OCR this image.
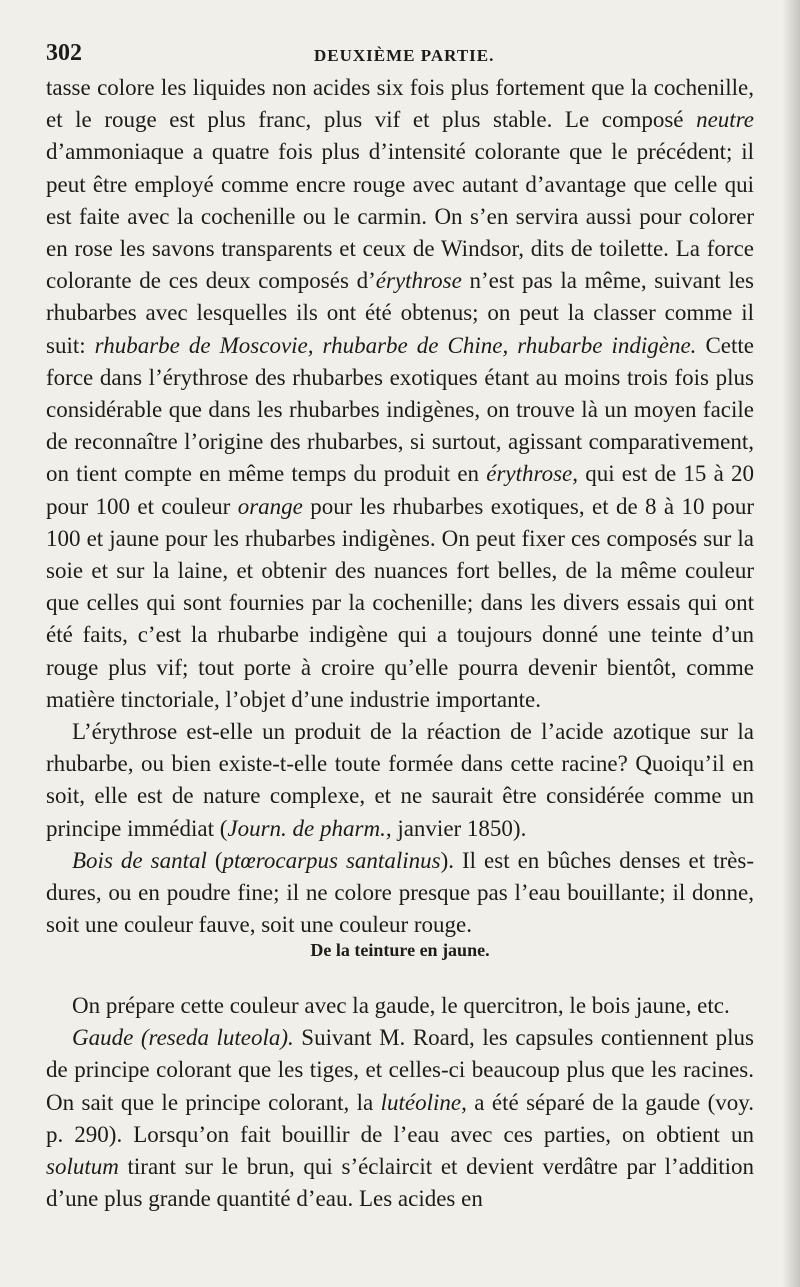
302	DEUXIÈME PARTIE.

tasse colore les liquides non acides six fois plus fortement que la cochenille, et le rouge est plus franc, plus vif et plus stable. Le composé neutre d’ammoniaque a quatre fois plus d’intensité colorante que le précédent; il peut être employé comme encre rouge avec autant d’avantage que celle qui est faite avec la cochenille ou le carmin. On s’en servira aussi pour colorer en rose les savons transparents et ceux de Windsor, dits de toilette. La force colorante de ces deux composés d’érythrose n’est pas la même, suivant les rhubarbes avec lesquelles ils ont été obtenus; on peut la classer comme il suit: rhubarbe de Moscovie, rhubarbe de Chine, rhubarbe indigène. Cette force dans l’érythrose des rhubarbes exotiques étant au moins trois fois plus considérable que dans les rhubarbes indigènes, on trouve là un moyen facile de reconnaître l’origine des rhubarbes, si surtout, agissant comparativement, on tient compte en même temps du produit en érythrose, qui est de 15 à 20 pour 100 et couleur orange pour les rhubarbes exotiques, et de 8 à 10 pour 100 et jaune pour les rhubarbes indigènes. On peut fixer ces composés sur la soie et sur la laine, et obtenir des nuances fort belles, de la même couleur que celles qui sont fournies par la cochenille; dans les divers essais qui ont été faits, c’est la rhubarbe indigène qui a toujours donné une teinte d’un rouge plus vif; tout porte à croire qu’elle pourra devenir bientôt, comme matière tinctoriale, l’objet d’une industrie importante.

L’érythrose est-elle un produit de la réaction de l’acide azotique sur la rhubarbe, ou bien existe-t-elle toute formée dans cette racine? Quoiqu’il en soit, elle est de nature complexe, et ne saurait être considérée comme un principe immédiat (Journ. de pharm., janvier 1850).

Bois de santal (ptœrocarpus santalinus). Il est en bûches denses et très-dures, ou en poudre fine; il ne colore presque pas l’eau bouillante; il donne, soit une couleur fauve, soit une couleur rouge.

De la teinture en jaune.

On prépare cette couleur avec la gaude, le quercitron, le bois jaune, etc.

Gaude (reseda luteola). Suivant M. Roard, les capsules contiennent plus de principe colorant que les tiges, et celles-ci beaucoup plus que les racines. On sait que le principe colorant, la lutéoline, a été séparé de la gaude (voy. p. 290). Lorsqu’on fait bouillir de l’eau avec ces parties, on obtient un solutum tirant sur le brun, qui s’éclaircit et devient verdâtre par l’addition d’une plus grande quantité d’eau. Les acides en
